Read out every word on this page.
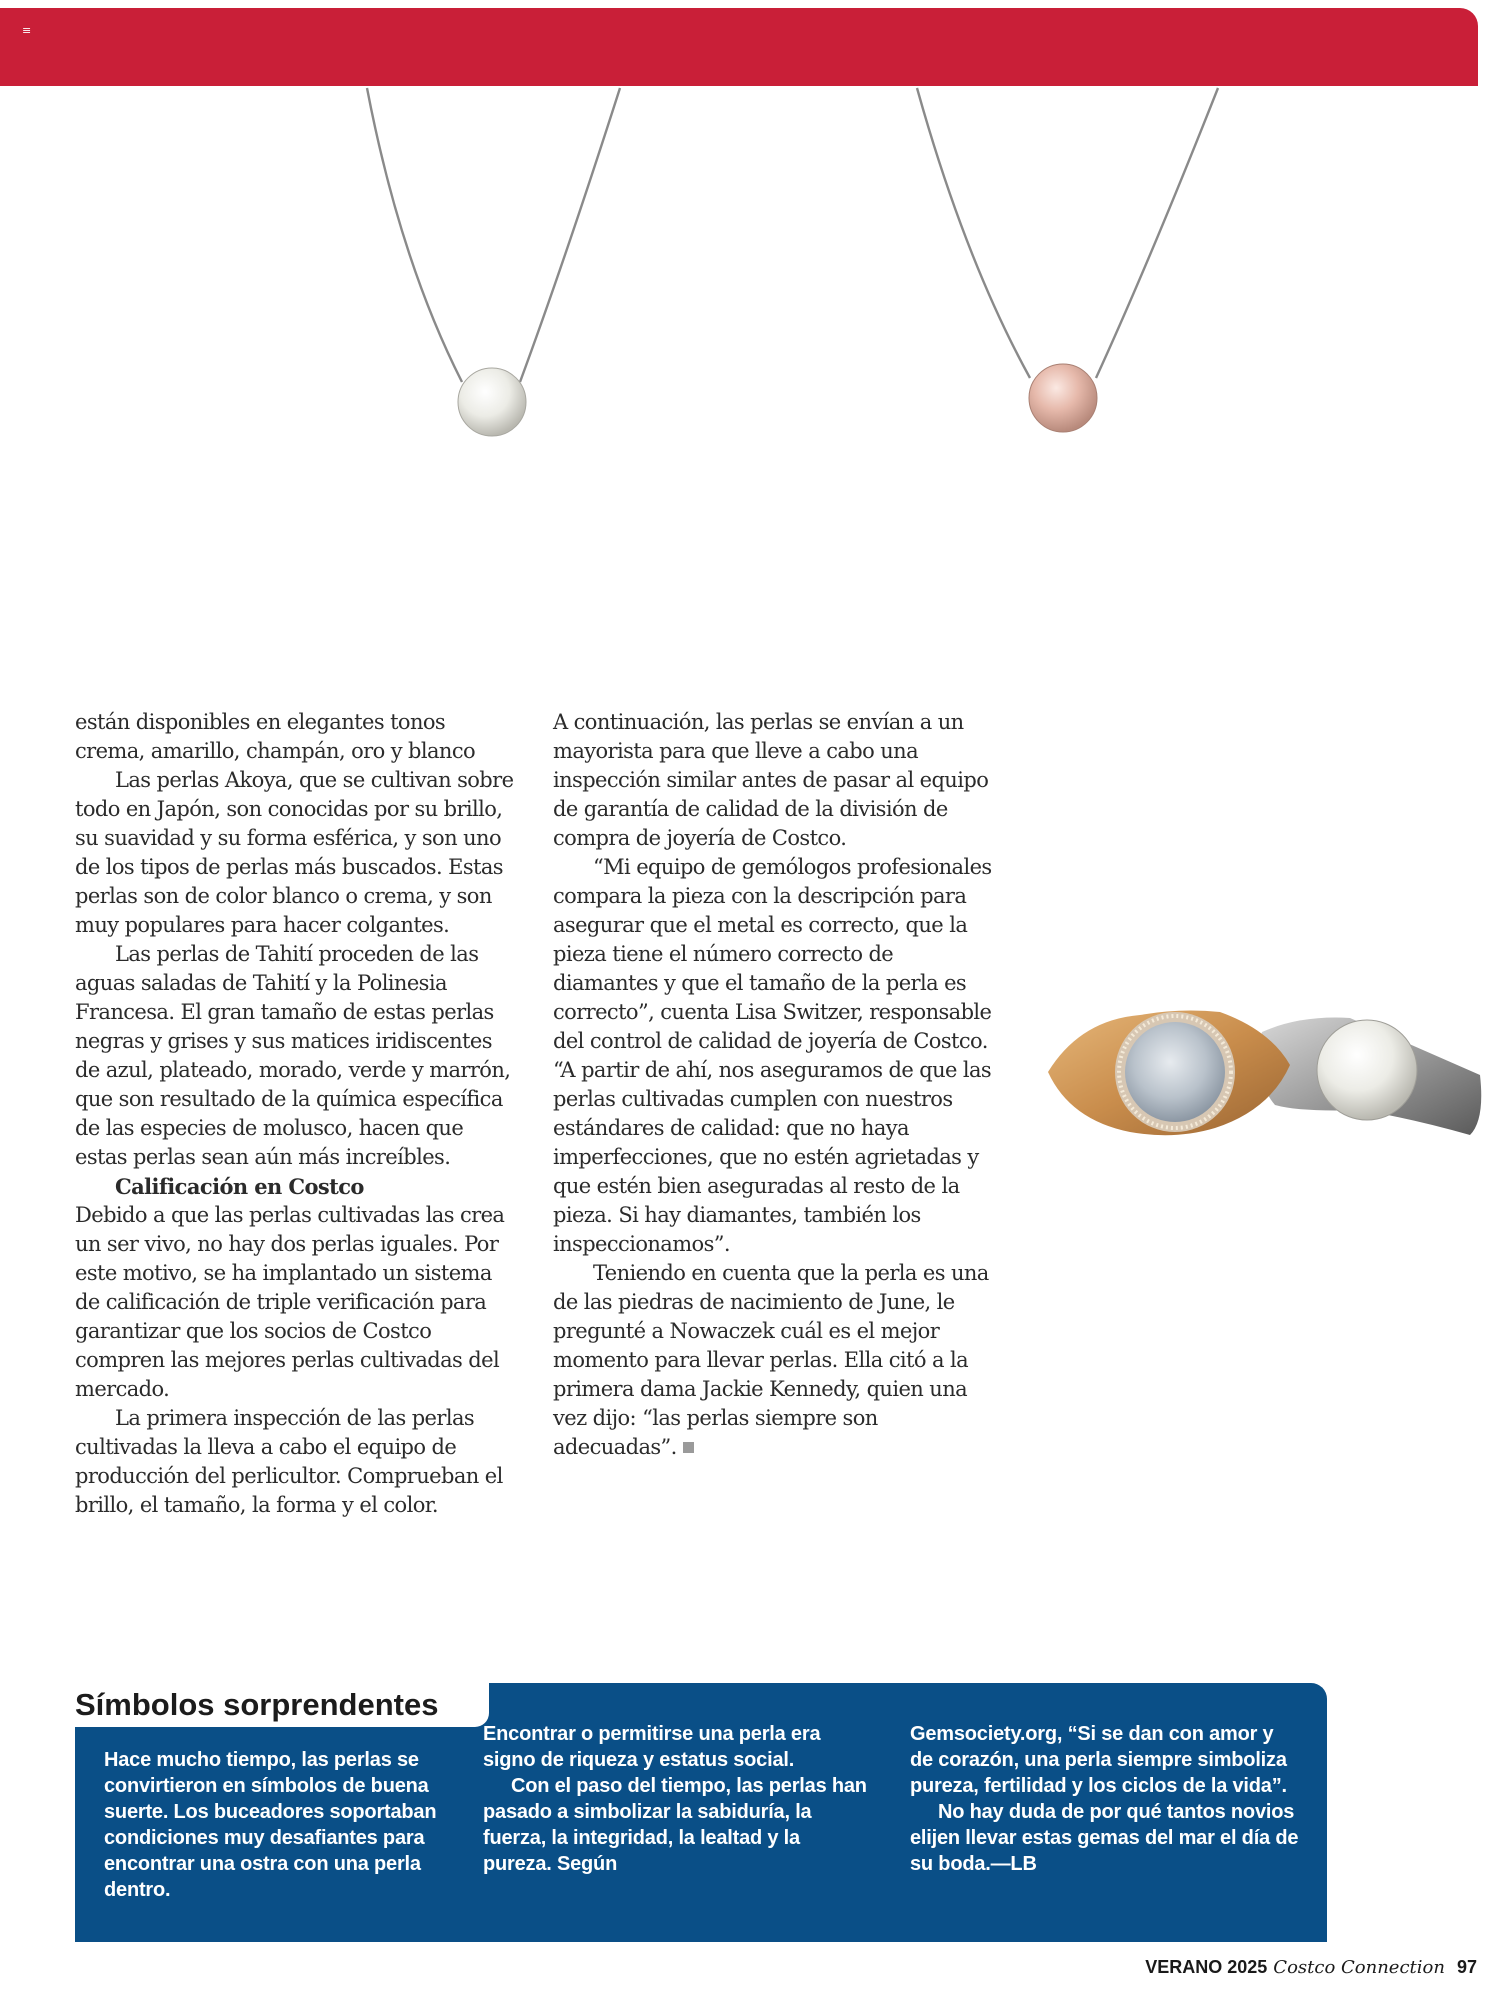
≡

están disponibles en elegantes tonos crema, amarillo, champán, oro y blanco

Las perlas Akoya, que se cultivan sobre todo en Japón, son conocidas por su brillo, su suavidad y su forma esférica, y son uno de los tipos de perlas más buscados. Estas perlas son de color blanco o crema, y son muy populares para hacer colgantes.

Las perlas de Tahití proceden de las aguas saladas de Tahití y la Polinesia Francesa. El gran tamaño de estas perlas negras y grises y sus matices iridiscentes de azul, plateado, morado, verde y marrón, que son resultado de la química específica de las especies de molusco, hacen que estas perlas sean aún más increíbles.

Calificación en Costco

Debido a que las perlas cultivadas las crea un ser vivo, no hay dos perlas iguales. Por este motivo, se ha implantado un sistema de calificación de triple verificación para garantizar que los socios de Costco compren las mejores perlas cultivadas del mercado.

La primera inspección de las perlas cultivadas la lleva a cabo el equipo de producción del perlicultor. Comprueban el brillo, el tamaño, la forma y el color.

A continuación, las perlas se envían a un mayorista para que lleve a cabo una inspección similar antes de pasar al equipo de garantía de calidad de la división de compra de joyería de Costco.

“Mi equipo de gemólogos profesionales compara la pieza con la descripción para asegurar que el metal es correcto, que la pieza tiene el número correcto de diamantes y que el tamaño de la perla es correcto”, cuenta Lisa Switzer, responsable del control de calidad de joyería de Costco. “A partir de ahí, nos aseguramos de que las perlas cultivadas cumplen con nuestros estándares de calidad: que no haya imperfecciones, que no estén agrietadas y que estén bien aseguradas al resto de la pieza. Si hay diamantes, también los inspeccionamos”.

Teniendo en cuenta que la perla es una de las piedras de nacimiento de June, le pregunté a Nowaczek cuál es el mejor momento para llevar perlas. Ella citó a la primera dama Jackie Kennedy, quien una vez dijo: “las perlas siempre son adecuadas”.

Símbolos sorprendentes

Hace mucho tiempo, las perlas se convirtieron en símbolos de buena suerte. Los buceadores soportaban condiciones muy desafiantes para encontrar una ostra con una perla dentro.

Encontrar o permitirse una perla era signo de riqueza y estatus social.

Con el paso del tiempo, las perlas han pasado a simbolizar la sabiduría, la fuerza, la integridad, la lealtad y la pureza. Según

Gemsociety.org, “Si se dan con amor y de corazón, una perla siempre simboliza pureza, fertilidad y los ciclos de la vida”.

No hay duda de por qué tantos novios elijen llevar estas gemas del mar el día de su boda.—LB

VERANO 2025 Costco Connection 97
